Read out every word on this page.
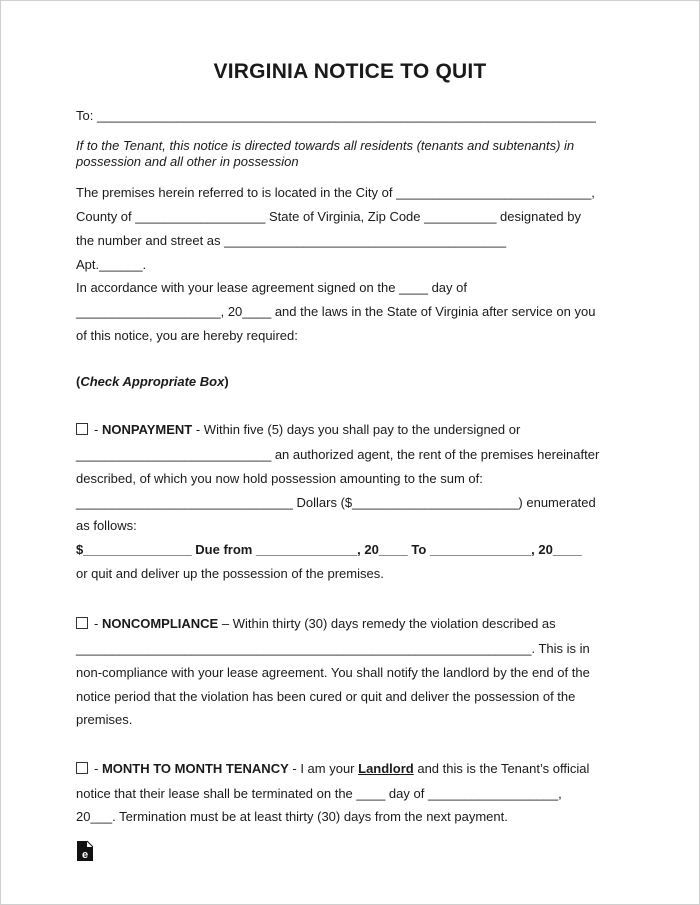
VIRGINIA NOTICE TO QUIT
To: _____________________________________________________________________
If to the Tenant, this notice is directed towards all residents (tenants and subtenants) in
possession and all other in possession
The premises herein referred to is located in the City of ___________________________,
County of __________________ State of Virginia, Zip Code __________ designated by
the number and street as _______________________________________
Apt.______.
In accordance with your lease agreement signed on the ____ day of
____________________, 20____ and the laws in the State of Virginia after service on you
of this notice, you are hereby required:
(Check Appropriate Box)
- NONPAYMENT - Within five (5) days you shall pay to the undersigned or
___________________________ an authorized agent, the rent of the premises hereinafter
described, of which you now hold possession amounting to the sum of:
______________________________ Dollars ($_______________________) enumerated
as follows:
$_______________ Due from ______________, 20____ To ______________, 20____
or quit and deliver up the possession of the premises.
- NONCOMPLIANCE – Within thirty (30) days remedy the violation described as
_______________________________________________________________. This is in
non-compliance with your lease agreement. You shall notify the landlord by the end of the
notice period that the violation has been cured or quit and deliver the possession of the
premises.
- MONTH TO MONTH TENANCY - I am your Landlord and this is the Tenant’s official
notice that their lease shall be terminated on the ____ day of __________________,
20___. Termination must be at least thirty (30) days from the next payment.
e
